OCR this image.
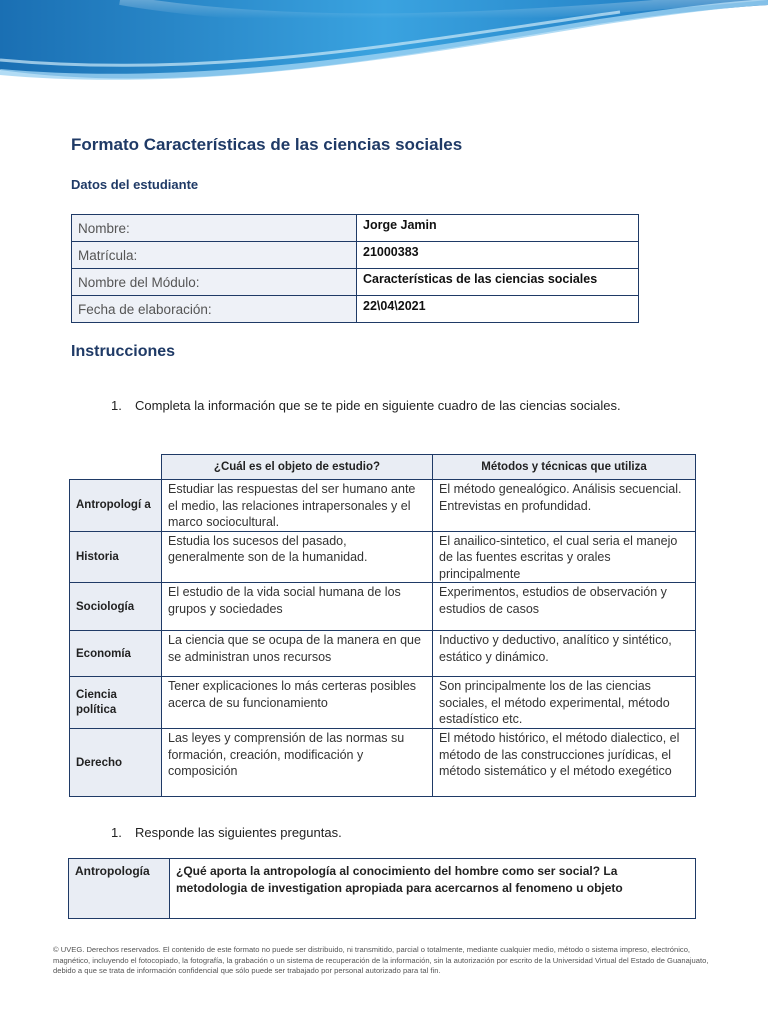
Formato Características de las ciencias sociales
Datos del estudiante
Nombre:	Jorge Jamin
Matrícula:	21000383
Nombre del Módulo:	Características de las ciencias sociales
Fecha de elaboración:	22\04\2021
Instrucciones
1. Completa la información que se te pide en siguiente cuadro de las ciencias sociales.
	¿Cuál es el objeto de estudio?	Métodos y técnicas que utiliza
Antropologí a	Estudiar las respuestas del ser humano ante el medio, las relaciones intrapersonales y el marco sociocultural.	El método genealógico. Análisis secuencial. Entrevistas en profundidad.
Historia	Estudia los sucesos del pasado, generalmente son de la humanidad.	El anailico-sintetico, el cual seria el manejo de las fuentes escritas y orales principalmente
Sociología	El estudio de la vida social humana de los grupos y sociedades	Experimentos, estudios de observación y estudios de casos
Economía	La ciencia que se ocupa de la manera en que se administran unos recursos	Inductivo y deductivo, analítico y sintético, estático y dinámico.
Ciencia política	Tener explicaciones lo más certeras posibles acerca de su funcionamiento	Son principalmente los de las ciencias sociales, el método experimental, método estadístico etc.
Derecho	Las leyes y comprensión de las normas su formación, creación, modificación y composición	El método histórico, el método dialectico, el método de las construcciones jurídicas, el método sistemático y el método exegético
1. Responde las siguientes preguntas.
Antropología	¿Qué aporta la antropología al conocimiento del hombre como ser social? La metodologia de investigation apropiada para acercarnos al fenomeno u objeto
© UVEG. Derechos reservados. El contenido de este formato no puede ser distribuido, ni transmitido, parcial o totalmente, mediante cualquier medio, método o sistema impreso, electrónico, magnético, incluyendo el fotocopiado, la fotografía, la grabación o un sistema de recuperación de la información, sin la autorización por escrito de la Universidad Virtual del Estado de Guanajuato, debido a que se trata de información confidencial que sólo puede ser trabajado por personal autorizado para tal fin.
